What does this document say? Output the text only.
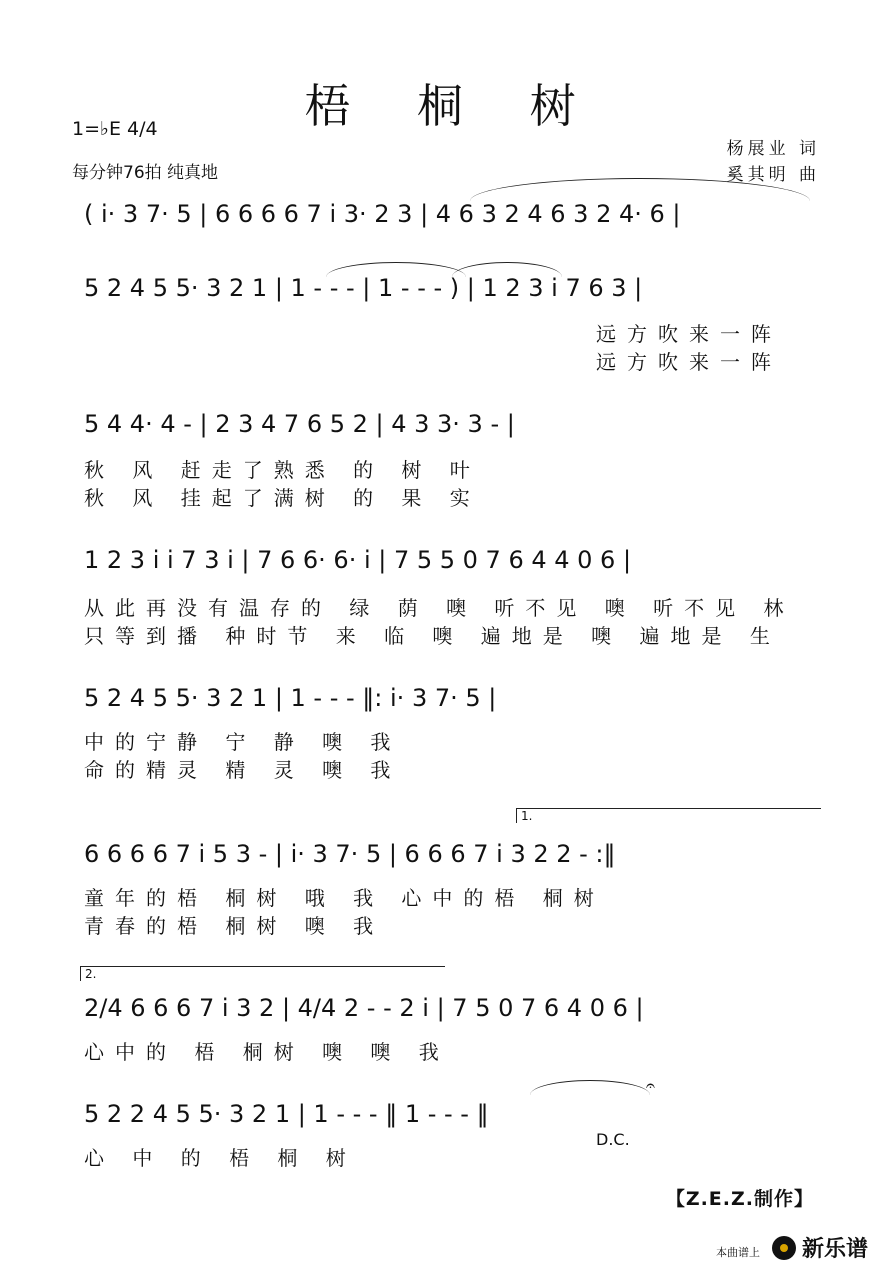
梧 桐 树
1=♭E 4/4
每分钟76拍 纯真地
杨展业 词
奚其明 曲
( i· 3 7· 5 | 6 6 6 6 7 i 3· 2 3 | 4 6 3 2 4 6 3 2 4· 6 |
5 2 4 5 5· 3 2 1 | 1 - - - | 1 - - - ) | 1 2 3 i 7 6 3 |
远方吹来一阵
远方吹来一阵
5 4 4· 4 - | 2 3 4 7 6 5 2 | 4 3 3· 3 - |
秋 风 赶走了熟悉 的 树 叶
秋 风 挂起了满树 的 果 实
1 2 3 i i 7 3 i | 7 6 6· 6· i | 7 5 5 0 7 6 4 4 0 6 |
从此再没有温存的 绿 荫 噢 听不见 噢 听不见 林
只等到播 种时节 来 临 噢 遍地是 噢 遍地是 生
5 2 4 5 5· 3 2 1 | 1 - - - ‖: i· 3 7· 5 |
中的宁静 宁 静 噢 我
命的精灵 精 灵 噢 我
1.
6 6 6 6 7 i 5 3 - | i· 3 7· 5 | 6 6 6 7 i 3 2 2 - :‖
童年的梧 桐树 哦 我 心中的梧 桐树
青春的梧 桐树 噢 我
2.
2/4 6 6 6 7 i 3 2 | 4/4 2 - - 2 i | 7 5 0 7 6 4 0 6 |
心中的 梧 桐树 噢 噢 我
𝄐
5 2 2 4 5 5· 3 2 1 | 1 - - - ‖ 1 - - - ‖
心 中 的 梧 桐 树
D.C.
【Z.E.Z.制作】
本曲谱上 新乐谱
